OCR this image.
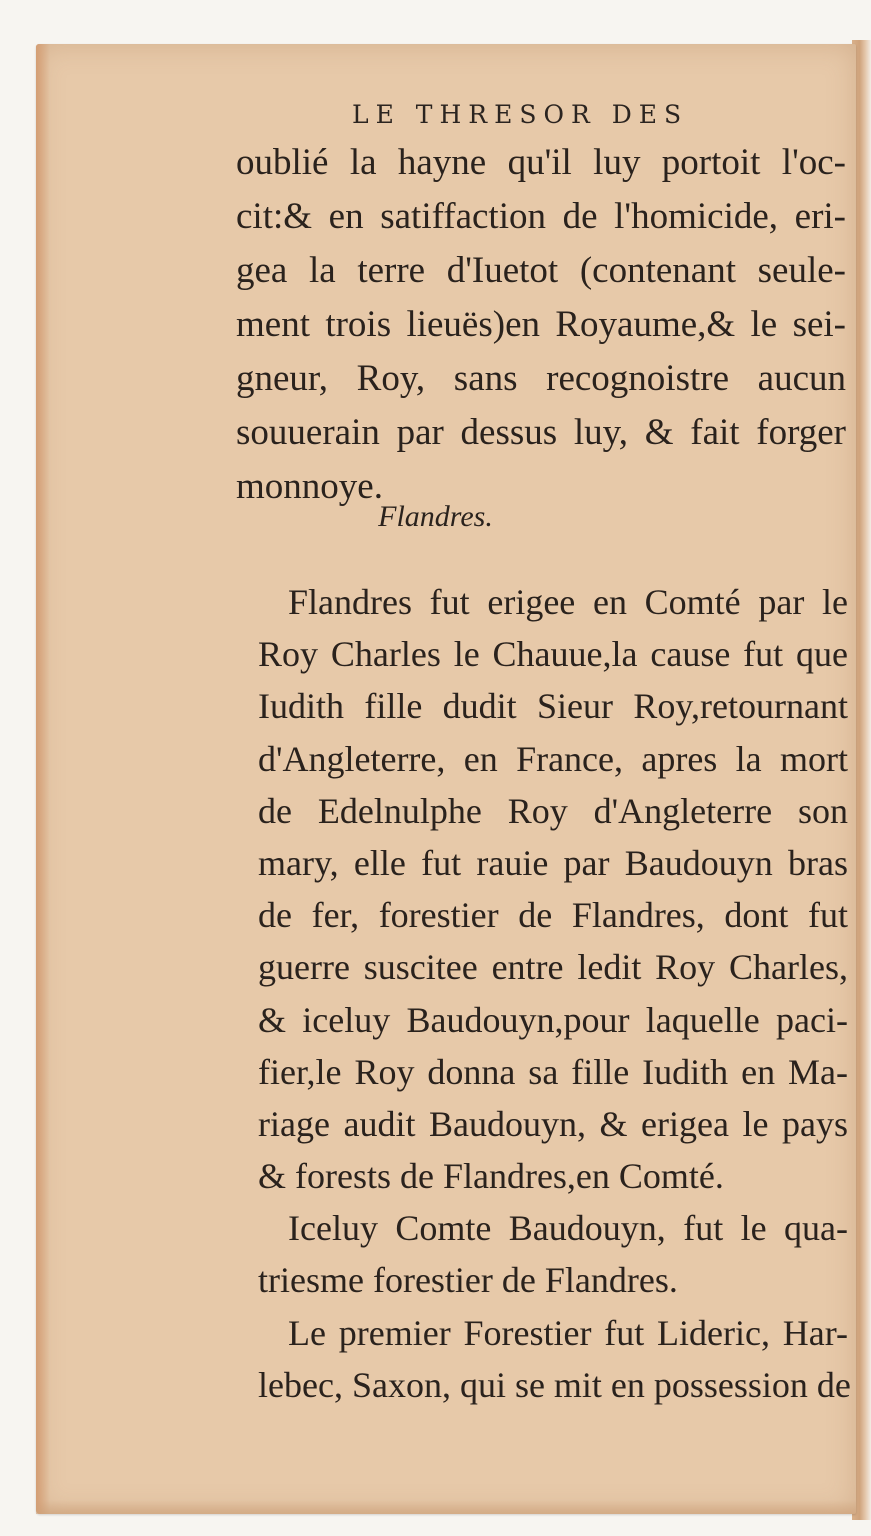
LE THRESOR DES
oublié la hayne qu'il luy portoit l'oc-
cit:& en satiffaction de l'homicide, eri-
gea la terre d'Iuetot (contenant seule-
ment trois lieuës)en Royaume,& le sei-
gneur, Roy, sans recognoistre aucun
souuerain par dessus luy, & fait forger
monnoye.
Flandres.
Flandres fut erigee en Comté par le
Roy Charles le Chauue,la cause fut que
Iudith fille dudit Sieur Roy,retournant
d'Angleterre, en France, apres la mort
de Edelnulphe Roy d'Angleterre son
mary, elle fut rauie par Baudouyn bras
de fer, forestier de Flandres, dont fut
guerre suscitee entre ledit Roy Charles,
& iceluy Baudouyn,pour laquelle paci-
fier,le Roy donna sa fille Iudith en Ma-
riage audit Baudouyn, & erigea le pays
& forests de Flandres,en Comté.
Iceluy Comte Baudouyn, fut le qua-
triesme forestier de Flandres.
Le premier Forestier fut Lideric, Har-
lebec, Saxon, qui se mit en possession de
